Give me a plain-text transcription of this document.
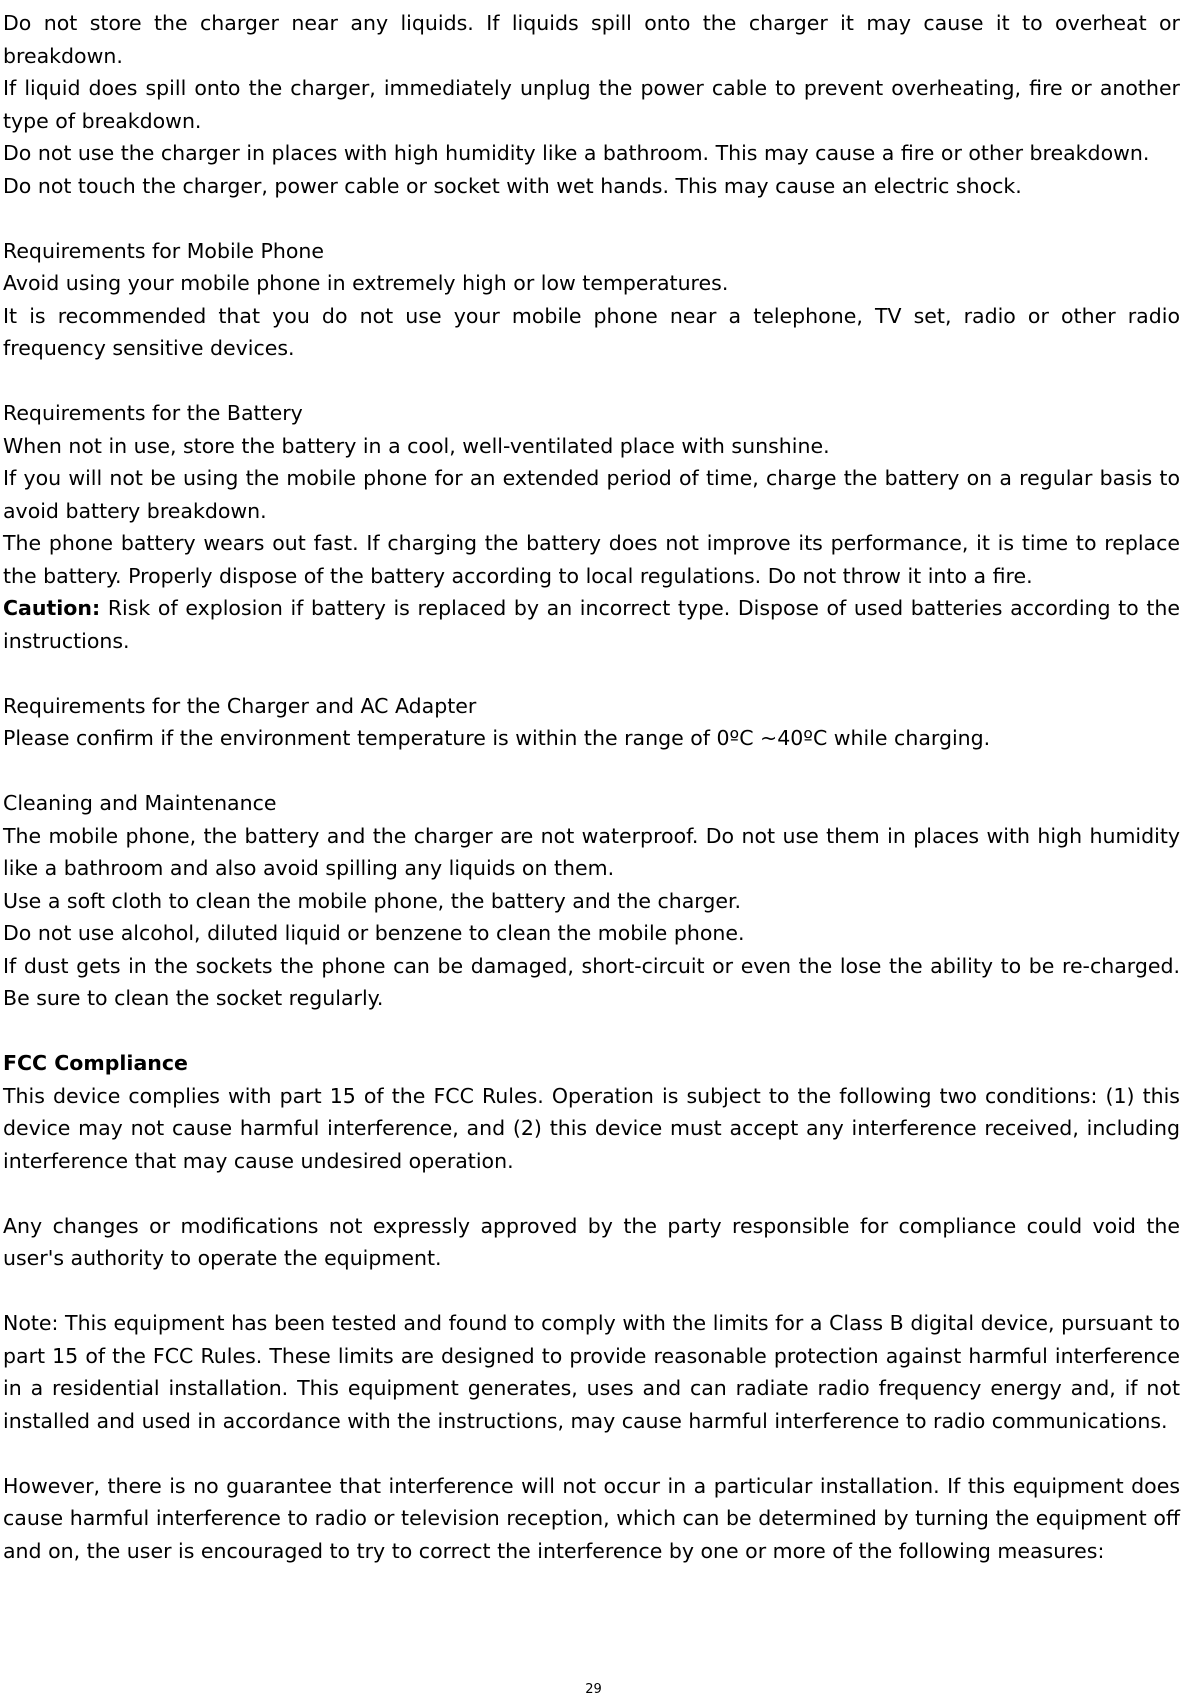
Do not store the charger near any liquids. If liquids spill onto the charger it may cause it to overheat or breakdown.

If liquid does spill onto the charger, immediately unplug the power cable to prevent overheating, fire or another type of breakdown.

Do not use the charger in places with high humidity like a bathroom. This may cause a fire or other breakdown.

Do not touch the charger, power cable or socket with wet hands. This may cause an electric shock.

Requirements for Mobile Phone

Avoid using your mobile phone in extremely high or low temperatures.

It is recommended that you do not use your mobile phone near a telephone, TV set, radio or other radio frequency sensitive devices.

Requirements for the Battery

When not in use, store the battery in a cool, well-ventilated place with sunshine.

If you will not be using the mobile phone for an extended period of time, charge the battery on a regular basis to avoid battery breakdown.

The phone battery wears out fast. If charging the battery does not improve its performance, it is time to replace the battery. Properly dispose of the battery according to local regulations. Do not throw it into a fire.

Caution: Risk of explosion if battery is replaced by an incorrect type. Dispose of used batteries according to the instructions.

Requirements for the Charger and AC Adapter

Please confirm if the environment temperature is within the range of 0ºC ~40ºC while charging.

Cleaning and Maintenance

The mobile phone, the battery and the charger are not waterproof. Do not use them in places with high humidity like a bathroom and also avoid spilling any liquids on them.

Use a soft cloth to clean the mobile phone, the battery and the charger.

Do not use alcohol, diluted liquid or benzene to clean the mobile phone.

If dust gets in the sockets the phone can be damaged, short-circuit or even the lose the ability to be re-charged. Be sure to clean the socket regularly.

FCC Compliance

This device complies with part 15 of the FCC Rules. Operation is subject to the following two conditions: (1) this device may not cause harmful interference, and (2) this device must accept any interference received, including interference that may cause undesired operation.

Any changes or modifications not expressly approved by the party responsible for compliance could void the user's authority to operate the equipment.

Note: This equipment has been tested and found to comply with the limits for a Class B digital device, pursuant to part 15 of the FCC Rules. These limits are designed to provide reasonable protection against harmful interference in a residential installation. This equipment generates, uses and can radiate radio frequency energy and, if not installed and used in accordance with the instructions, may cause harmful interference to radio communications.

However, there is no guarantee that interference will not occur in a particular installation. If this equipment does cause harmful interference to radio or television reception, which can be determined by turning the equipment off and on, the user is encouraged to try to correct the interference by one or more of the following measures:

29
